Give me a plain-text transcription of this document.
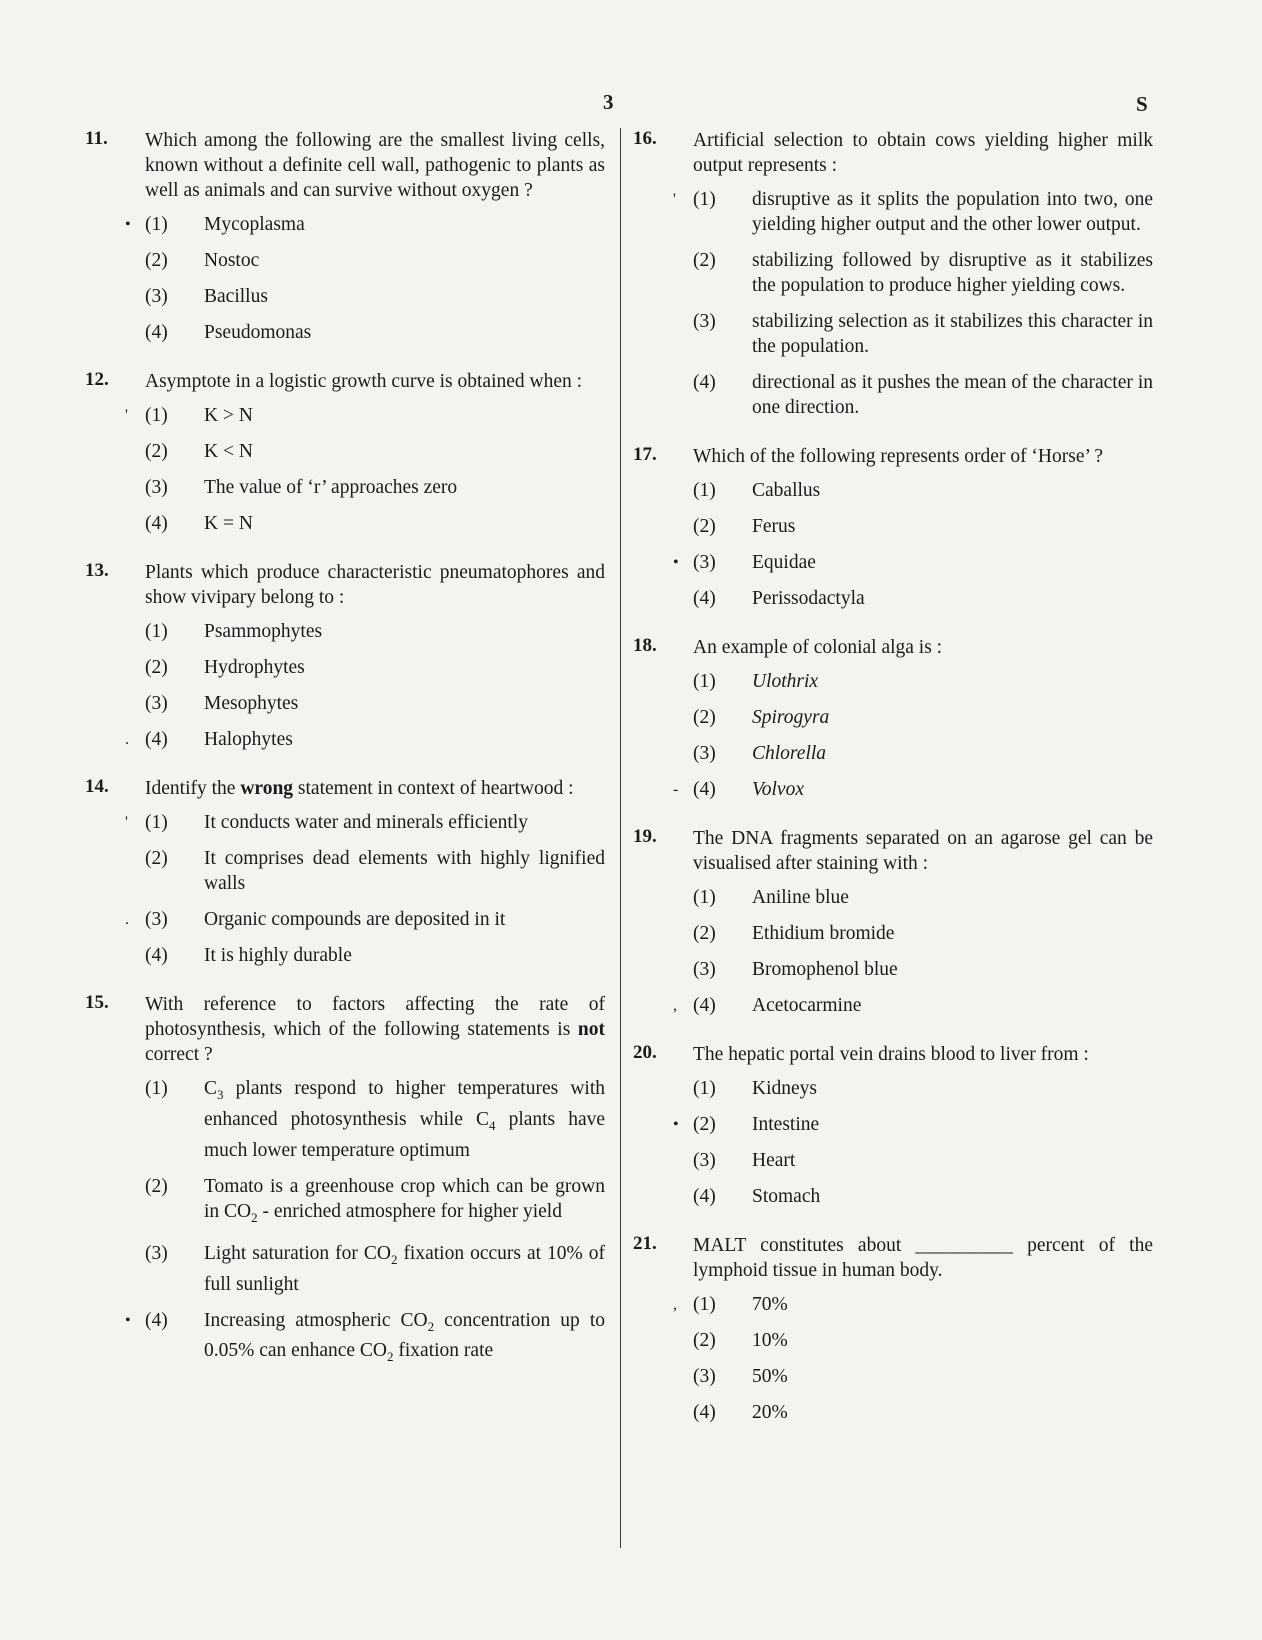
3	S
11. Which among the following are the smallest living cells, known without a definite cell wall, pathogenic to plants as well as animals and can survive without oxygen ?
• (1) Mycoplasma
(2) Nostoc
(3) Bacillus
(4) Pseudomonas
12. Asymptote in a logistic growth curve is obtained when :
' (1) K > N
(2) K < N
(3) The value of ‘r’ approaches zero
(4) K = N
13. Plants which produce characteristic pneumatophores and show vivipary belong to :
(1) Psammophytes
(2) Hydrophytes
(3) Mesophytes
. (4) Halophytes
14. Identify the wrong statement in context of heartwood :
' (1) It conducts water and minerals efficiently
(2) It comprises dead elements with highly lignified walls
. (3) Organic compounds are deposited in it
(4) It is highly durable
15. With reference to factors affecting the rate of photosynthesis, which of the following statements is not correct ?
(1) $C_3$ plants respond to higher temperatures with enhanced photosynthesis while $C_4$ plants have much lower temperature optimum
(2) Tomato is a greenhouse crop which can be grown in $CO_2$ - enriched atmosphere for higher yield
(3) Light saturation for $CO_2$ fixation occurs at 10% of full sunlight
• (4) Increasing atmospheric $CO_2$ concentration up to 0.05% can enhance $CO_2$ fixation rate
16. Artificial selection to obtain cows yielding higher milk output represents :
' (1) disruptive as it splits the population into two, one yielding higher output and the other lower output.
(2) stabilizing followed by disruptive as it stabilizes the population to produce higher yielding cows.
(3) stabilizing selection as it stabilizes this character in the population.
(4) directional as it pushes the mean of the character in one direction.
17. Which of the following represents order of ‘Horse’ ?
(1) Caballus
(2) Ferus
• (3) Equidae
(4) Perissodactyla
18. An example of colonial alga is :
(1) Ulothrix
(2) Spirogyra
(3) Chlorella
- (4) Volvox
19. The DNA fragments separated on an agarose gel can be visualised after staining with :
(1) Aniline blue
(2) Ethidium bromide
(3) Bromophenol blue
, (4) Acetocarmine
20. The hepatic portal vein drains blood to liver from :
(1) Kidneys
• (2) Intestine
(3) Heart
(4) Stomach
21. MALT constitutes about __________ percent of the lymphoid tissue in human body.
, (1) 70%
(2) 10%
(3) 50%
(4) 20%
